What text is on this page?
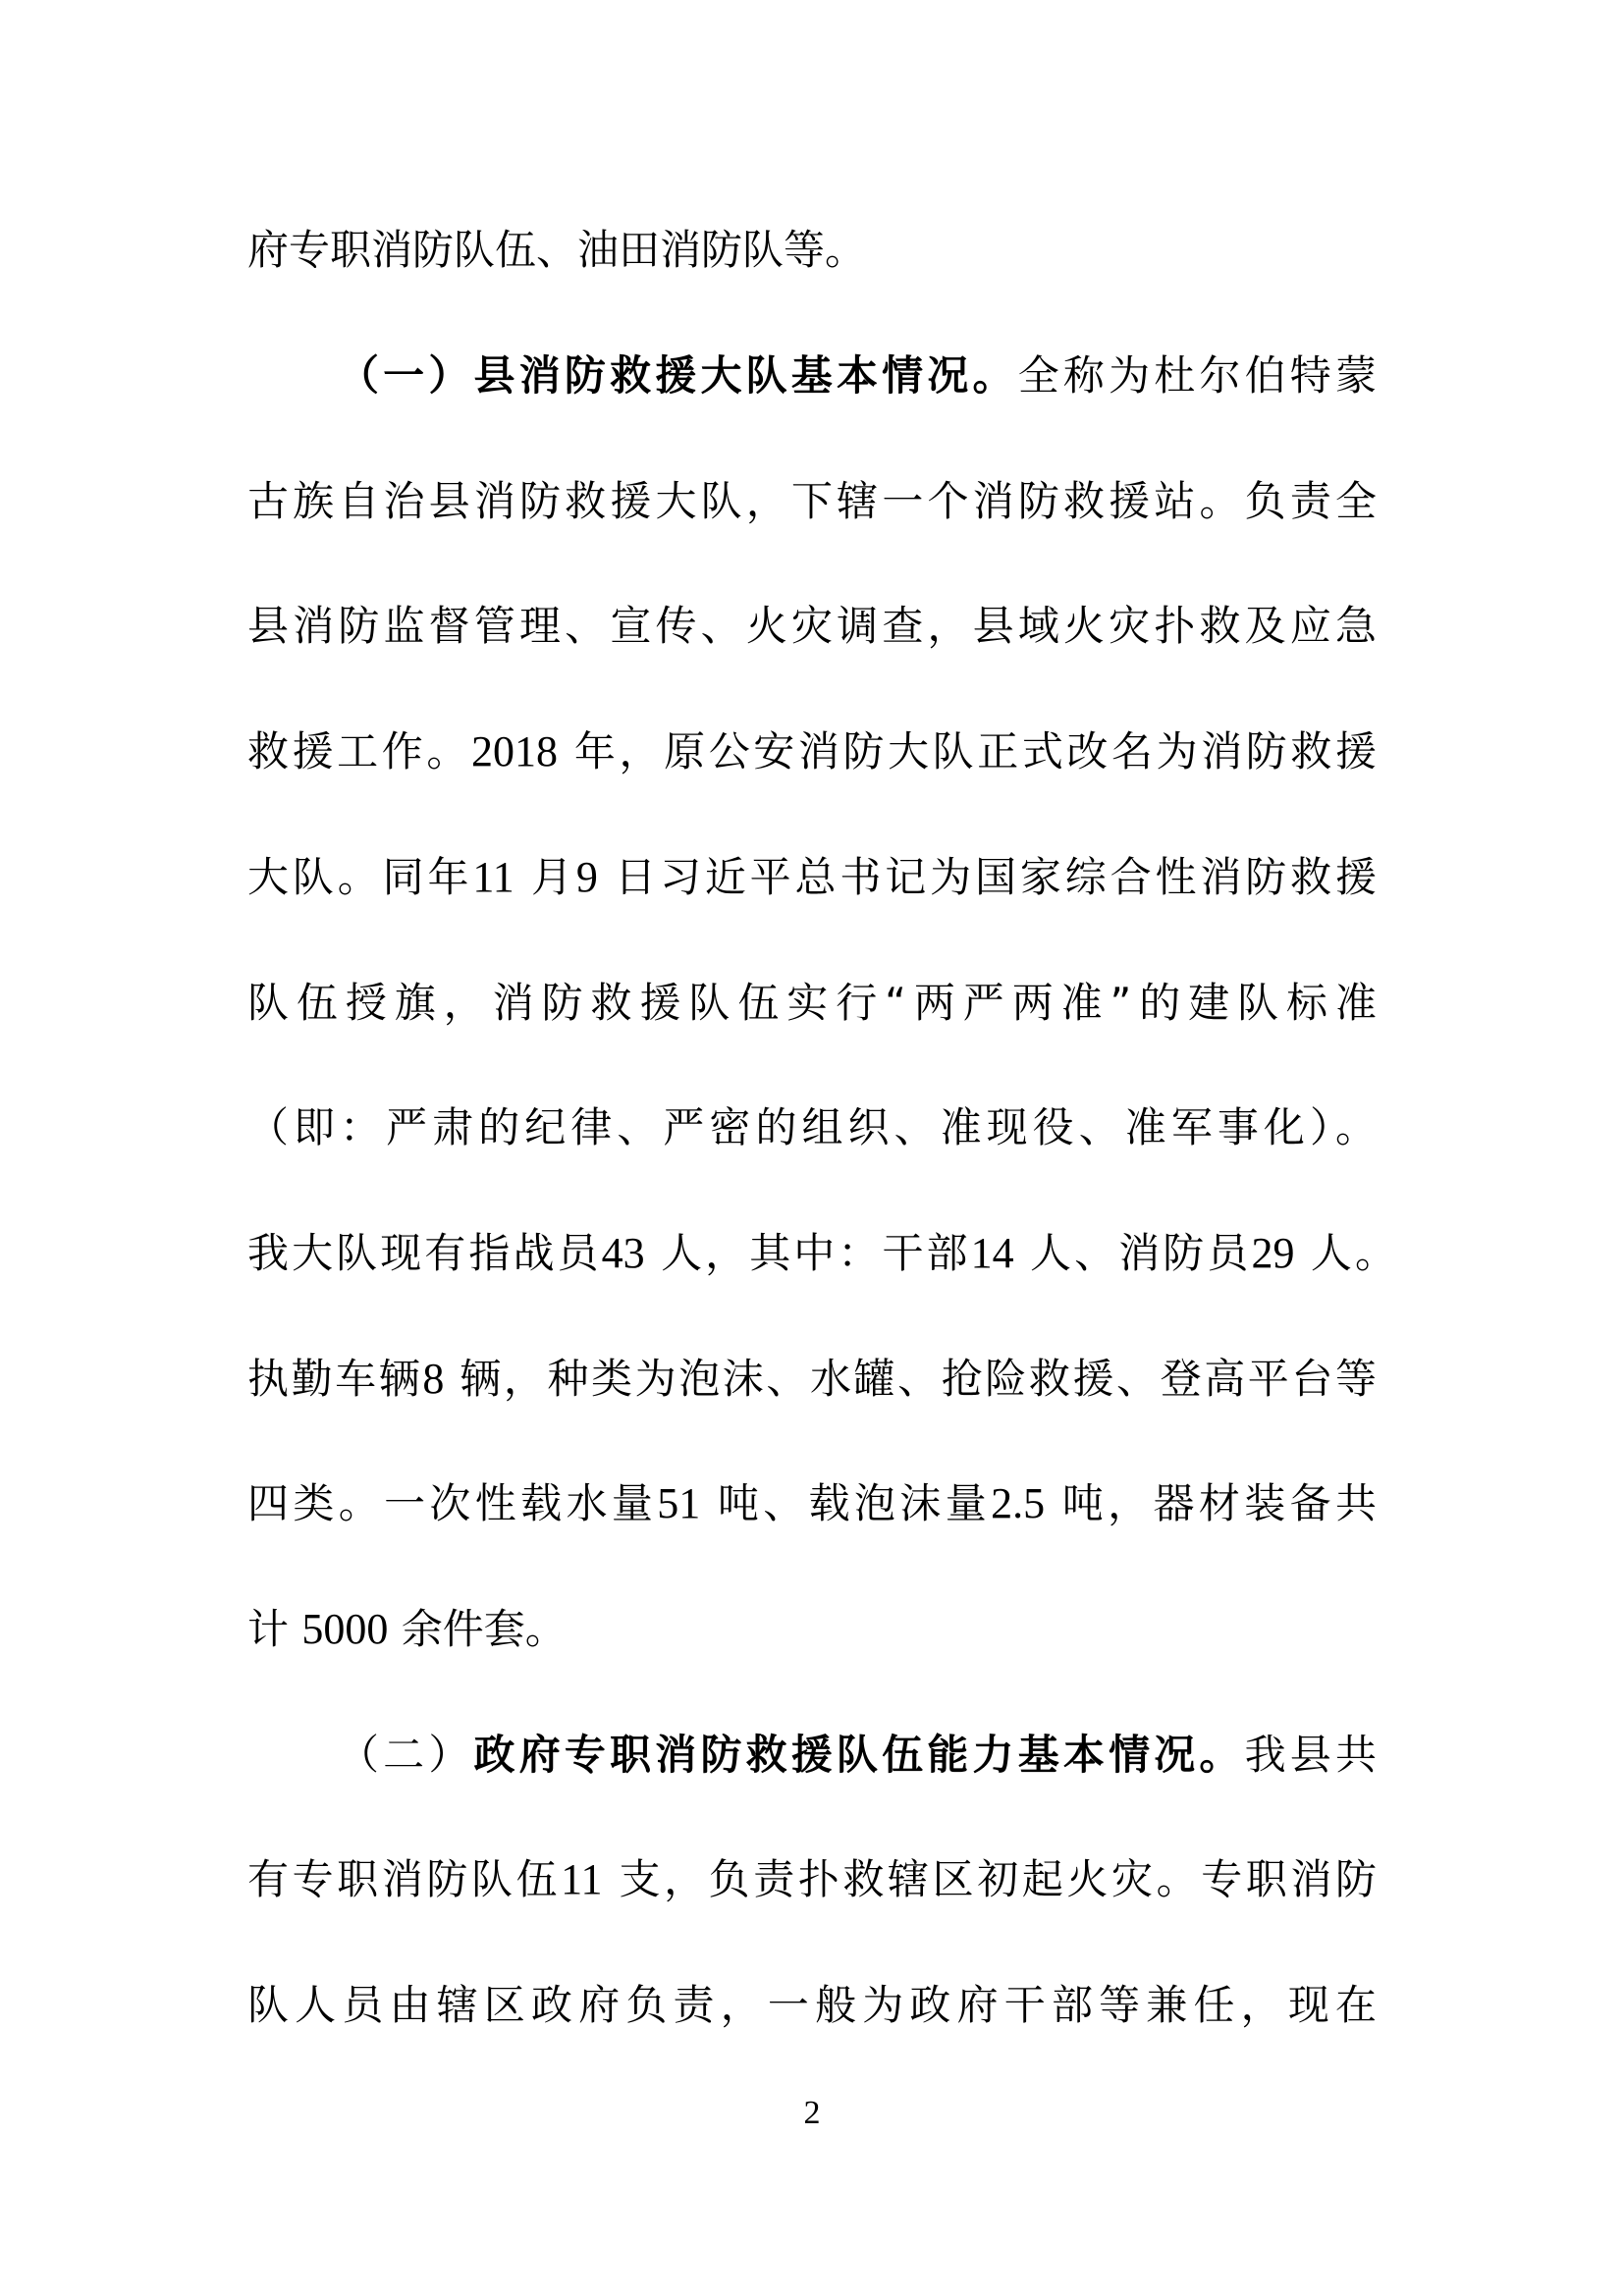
府专职消防队伍、油田消防队等。
（一）县消防救援大队基本情况。全称为杜尔伯特蒙
古族自治县消防救援大队，下辖一个消防救援站。负责全
县消防监督管理、宣传、火灾调查，县域火灾扑救及应急
救援工作。2018 年，原公安消防大队正式改名为消防救援
大队。同年11 月9 日习近平总书记为国家综合性消防救援
队伍授旗，消防救援队伍实行“两严两准”的建队标准
（即：严肃的纪律、严密的组织、准现役、准军事化）。
我大队现有指战员43 人，其中：干部14 人、消防员29 人。
执勤车辆8 辆，种类为泡沫、水罐、抢险救援、登高平台等
四类。一次性载水量51 吨、载泡沫量2.5 吨，器材装备共
计 5000 余件套。
（二）政府专职消防救援队伍能力基本情况。我县共
有专职消防队伍11 支，负责扑救辖区初起火灾。专职消防
队人员由辖区政府负责，一般为政府干部等兼任，现在
2
